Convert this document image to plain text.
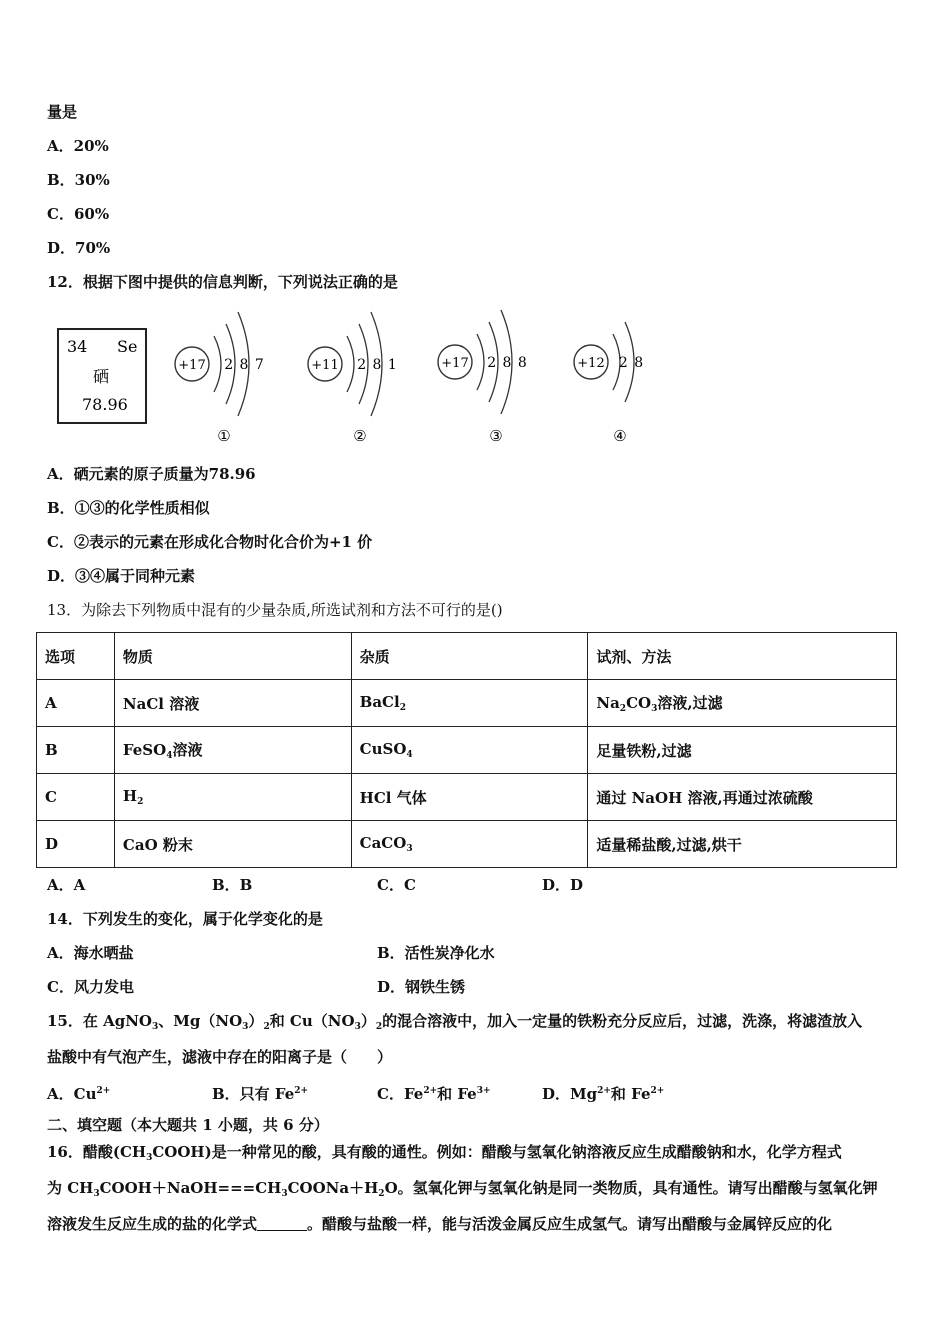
量是
A．20%
B．30%
C．60%
D．70%
12．根据下图中提供的信息判断，下列说法正确的是
34 Se
硒
78.96
+17 2 8 7
①
+11 2 8 1
②
+17 2 8 8
③
+12 2 8
④
A．硒元素的原子质量为78.96
B．①③的化学性质相似
C．②表示的元素在形成化合物时化合价为+1 价
D．③④属于同种元素
13．为除去下列物质中混有的少量杂质,所选试剂和方法不可行的是()
选项	物质	杂质	试剂、方法
A	NaCl 溶液	BaCl$_2$	$Na_2CO_3$溶液,过滤
B	FeSO$_4$溶液	CuSO$_4$	足量铁粉,过滤
C	$H_2$	HCl 气体	通过 NaOH 溶液,再通过浓硫酸
D	CaO 粉末	CaCO$_3$	适量稀盐酸,过滤,烘干
A．A	B．B	C．C	D．D
14．下列发生的变化，属于化学变化的是
A．海水晒盐	B．活性炭净化水
C．风力发电	D．钢铁生锈
15．在 AgNO$_3$、$Mg(NO_3)_2$和 $Cu(NO_3)_2$的混合溶液中，加入一定量的铁粉充分反应后，过滤，洗涤，将滤渣放入
盐酸中有气泡产生，滤液中存在的阳离子是（　　）
A．$Cu^{2+}$	B．只有 $Fe^{2+}$	C．$Fe^{2+}$和 $Fe^{3+}$	D．$Mg^{2+}$和 $Fe^{2+}$
二、填空题（本大题共 1 小题，共 6 分）
16．醋酸$(CH_3COOH)$是一种常见的酸，具有酸的通性。例如：醋酸与氢氧化钠溶液反应生成醋酸钠和水，化学方程式
为 $CH_3COOH+NaOH===CH_3COONa+H_2O$。氢氧化钾与氢氧化钠是同一类物质，具有通性。请写出醋酸与氢氧化钾
溶液发生反应生成的盐的化学式	。醋酸与盐酸一样，能与活泼金属反应生成氢气。请写出醋酸与金属锌反应的化
